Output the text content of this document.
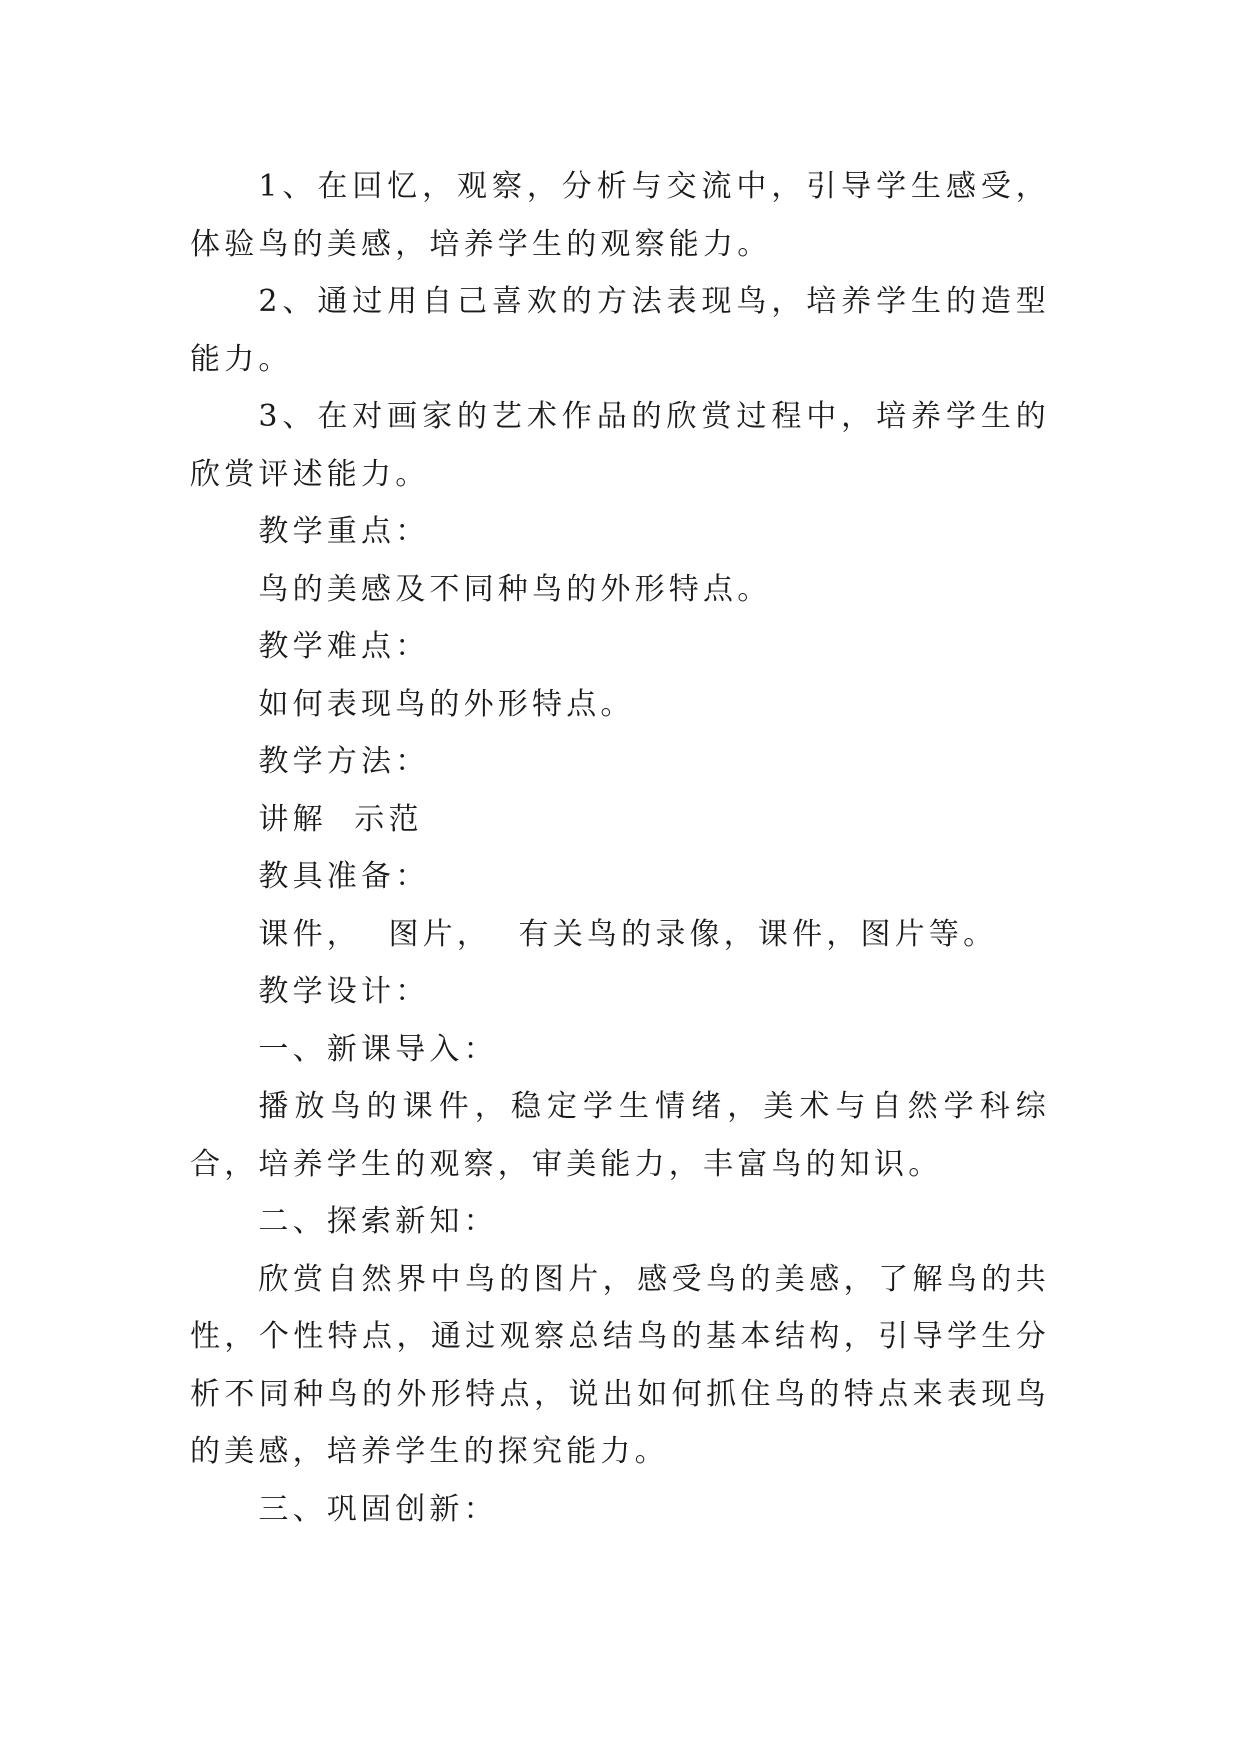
1、在回忆，观察，分析与交流中，引导学生感受，体验鸟的美感，培养学生的观察能力。

2、通过用自己喜欢的方法表现鸟，培养学生的造型能力。

3、在对画家的艺术作品的欣赏过程中，培养学生的欣赏评述能力。

教学重点：

鸟的美感及不同种鸟的外形特点。

教学难点：

如何表现鸟的外形特点。

教学方法：

讲解  示范

教具准备：

课件，  图片，  有关鸟的录像，课件，图片等。

教学设计：

一、新课导入：

播放鸟的课件，稳定学生情绪，美术与自然学科综合，培养学生的观察，审美能力，丰富鸟的知识。

二、探索新知：

欣赏自然界中鸟的图片，感受鸟的美感，了解鸟的共性，个性特点，通过观察总结鸟的基本结构，引导学生分析不同种鸟的外形特点，说出如何抓住鸟的特点来表现鸟的美感，培养学生的探究能力。

三、巩固创新：
